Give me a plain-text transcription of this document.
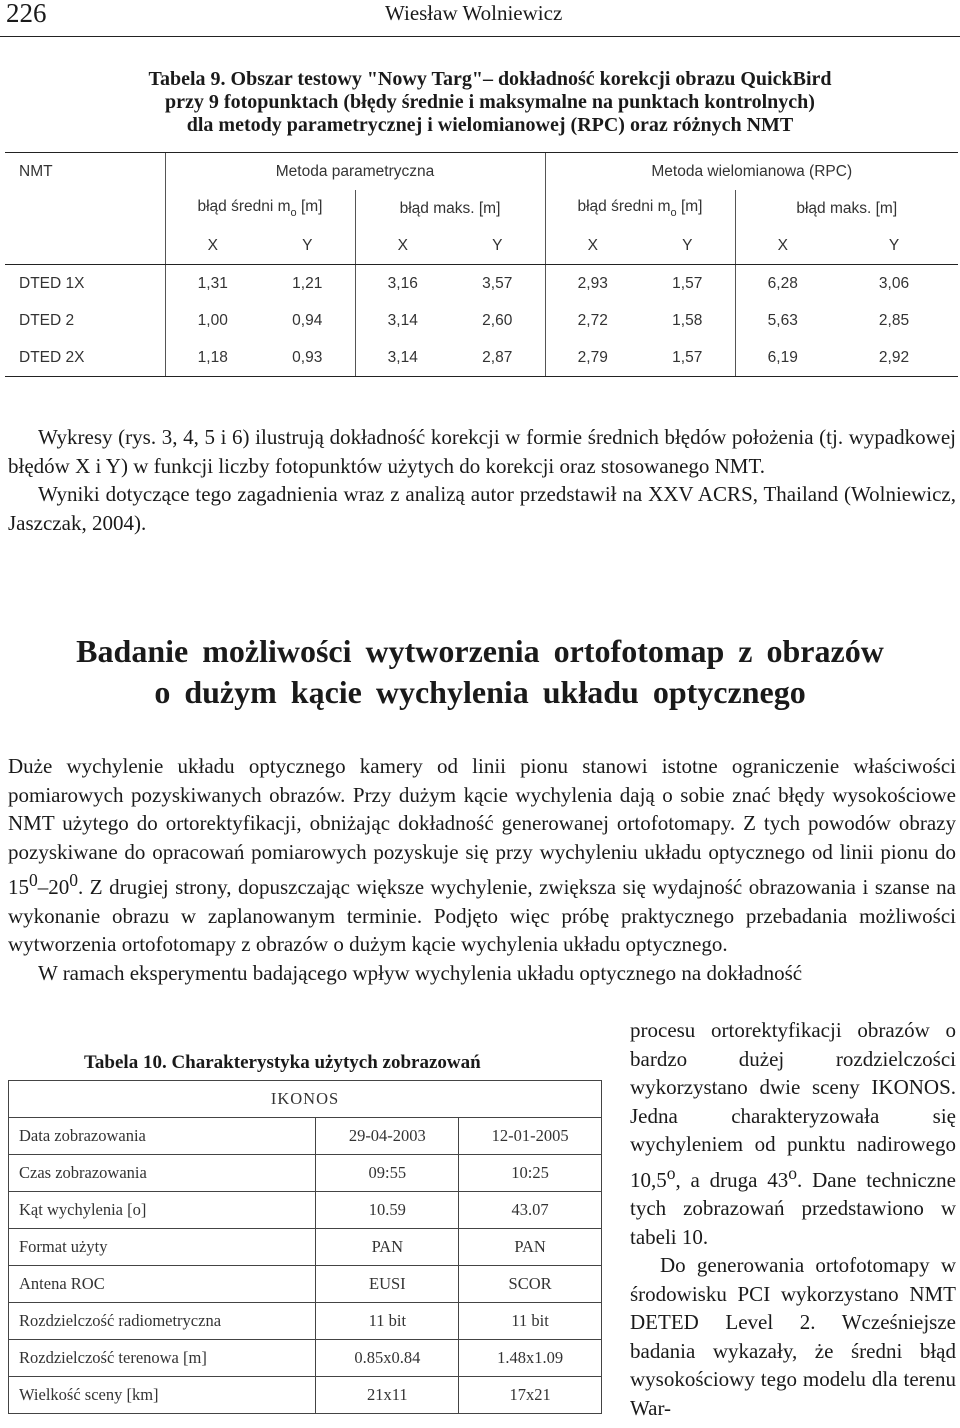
226	Wiesław Wolniewicz
Tabela 9. Obszar testowy "Nowy Targ"– dokładność korekcji obrazu QuickBird
przy 9 fotopunktach (błędy średnie i maksymalne na punktach kontrolnych)
dla metody parametrycznej i wielomianowej (RPC) oraz różnych NMT
NMT	Metoda parametryczna				Metoda wielomianowa (RPC)			
	błąd średni $m_o$ [m]		błąd maks. [m]		błąd średni $m_o$ [m]		błąd maks. [m]	
	X	Y	X	Y	X	Y	X	Y
DTED 1X	1,31	1,21	3,16	3,57	2,93	1,57	6,28	3,06
DTED 2	1,00	0,94	3,14	2,60	2,72	1,58	5,63	2,85
DTED 2X	1,18	0,93	3,14	2,87	2,79	1,57	6,19	2,92

Wykresy (rys. 3, 4, 5 i 6) ilustrują dokładność korekcji w formie średnich błędów położenia (tj. wypadkowej błędów X i Y) w funkcji liczby fotopunktów użytych do korekcji oraz stosowanego NMT.

Wyniki dotyczące tego zagadnienia wraz z analizą autor przedstawił na XXV ACRS, Thailand (Wolniewicz, Jaszczak, 2004).

Badanie możliwości wytworzenia ortofotomap z obrazów
o dużym kącie wychylenia układu optycznego

Duże wychylenie układu optycznego kamery od linii pionu stanowi istotne ograniczenie właściwości pomiarowych pozyskiwanych obrazów. Przy dużym kącie wychylenia dają o sobie znać błędy wysokościowe NMT użytego do ortorektyfikacji, obniżając dokładność generowanej ortofotomapy. Z tych powodów obrazy pozyskiwane do opracowań pomiarowych pozyskuje się przy wychyleniu układu optycznego od linii pionu do $15^0-20^0$. Z drugiej strony, dopuszczając większe wychylenie, zwiększa się wydajność obrazowania i szanse na wykonanie obrazu w zaplanowanym terminie. Podjęto więc próbę praktycznego przebadania możliwości wytworzenia ortofotomapy z obrazów o dużym kącie wychylenia układu optycznego.

W ramach eksperymentu badającego wpływ wychylenia układu optycznego na dokładność

procesu ortorektyfikacji obrazów o bardzo dużej rozdzielczości wykorzystano dwie sceny IKONOS. Jedna charakteryzowała się wychyleniem od punktu nadirowego 10,5$^o$, a druga 43$^o$. Dane techniczne tych zobrazowań przedstawiono w tabeli 10.

Do generowania ortofotomapy w środowisku PCI wykorzystano NMT DETED Level 2. Wcześniejsze badania wykazały, że średni błąd wysokościowy tego modelu dla terenu War-

Tabela 10. Charakterystyka użytych zobrazowań
IKONOS		
Data zobrazowania	29-04-2003	12-01-2005
Czas zobrazowania	09:55	10:25
Kąt wychylenia [o]	10.59	43.07
Format użyty	PAN	PAN
Antena ROC	EUSI	SCOR
Rozdzielczość radiometryczna	11 bit	11 bit
Rozdzielczość terenowa [m]	0.85x0.84	1.48x1.09
Wielkość sceny [km]	21x11	17x21
